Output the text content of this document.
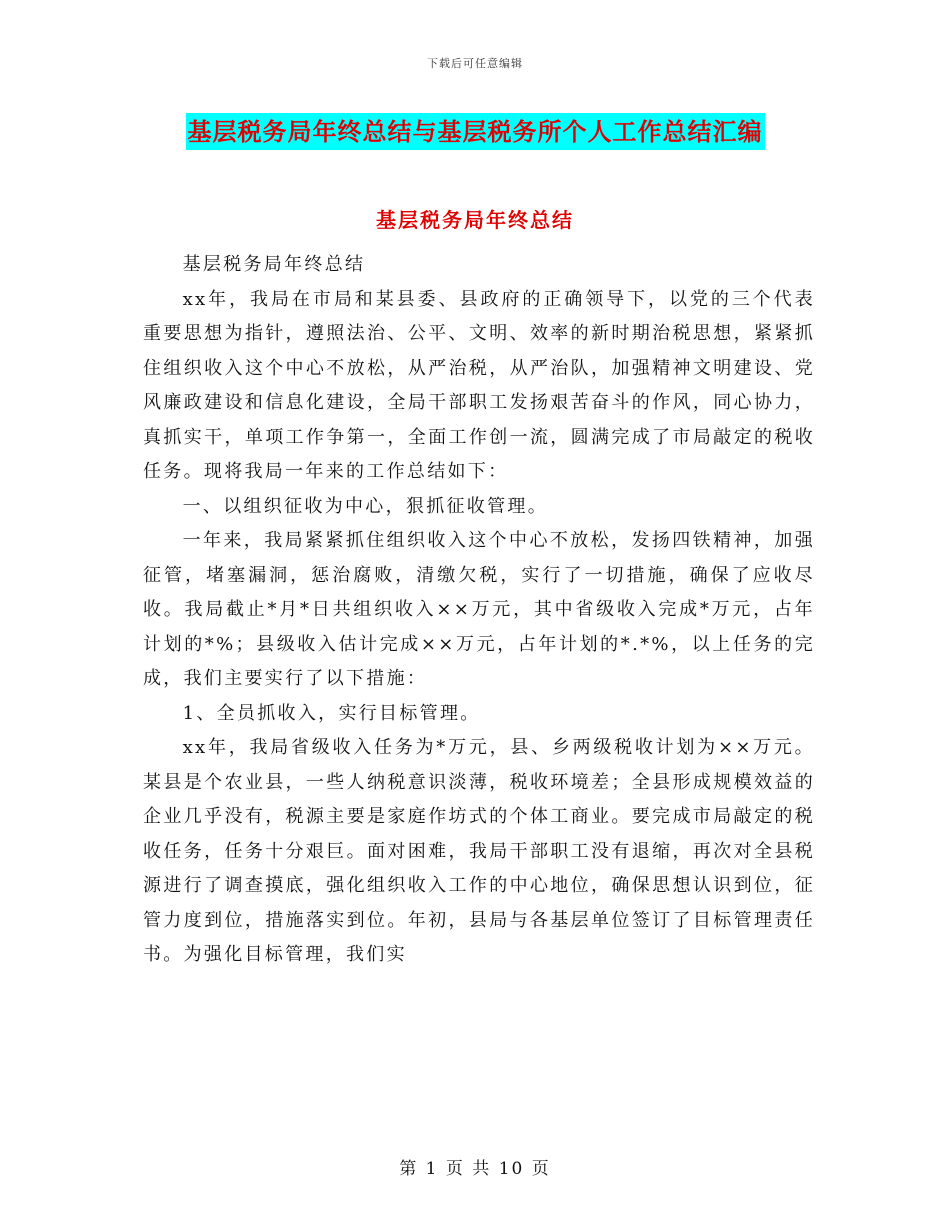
下载后可任意编辑
基层税务局年终总结与基层税务所个人工作总结汇编
基层税务局年终总结

基层税务局年终总结

xx年，我局在市局和某县委、县政府的正确领导下，以党的三个代表重要思想为指针，遵照法治、公平、文明、效率的新时期治税思想，紧紧抓住组织收入这个中心不放松，从严治税，从严治队，加强精神文明建设、党风廉政建设和信息化建设，全局干部职工发扬艰苦奋斗的作风，同心协力，真抓实干，单项工作争第一，全面工作创一流，圆满完成了市局敲定的税收任务。现将我局一年来的工作总结如下：

一、以组织征收为中心，狠抓征收管理。

一年来，我局紧紧抓住组织收入这个中心不放松，发扬四铁精神，加强征管，堵塞漏洞，惩治腐败，清缴欠税，实行了一切措施，确保了应收尽收。我局截止*月*日共组织收入××万元，其中省级收入完成*万元，占年计划的*%；县级收入估计完成××万元，占年计划的*.*%，以上任务的完成，我们主要实行了以下措施：

1、全员抓收入，实行目标管理。

xx年，我局省级收入任务为*万元，县、乡两级税收计划为××万元。某县是个农业县，一些人纳税意识淡薄，税收环境差；全县形成规模效益的企业几乎没有，税源主要是家庭作坊式的个体工商业。要完成市局敲定的税收任务，任务十分艰巨。面对困难，我局干部职工没有退缩，再次对全县税源进行了调查摸底，强化组织收入工作的中心地位，确保思想认识到位，征管力度到位，措施落实到位。年初，县局与各基层单位签订了目标管理责任书。为强化目标管理，我们实

第 1 页 共 10 页
